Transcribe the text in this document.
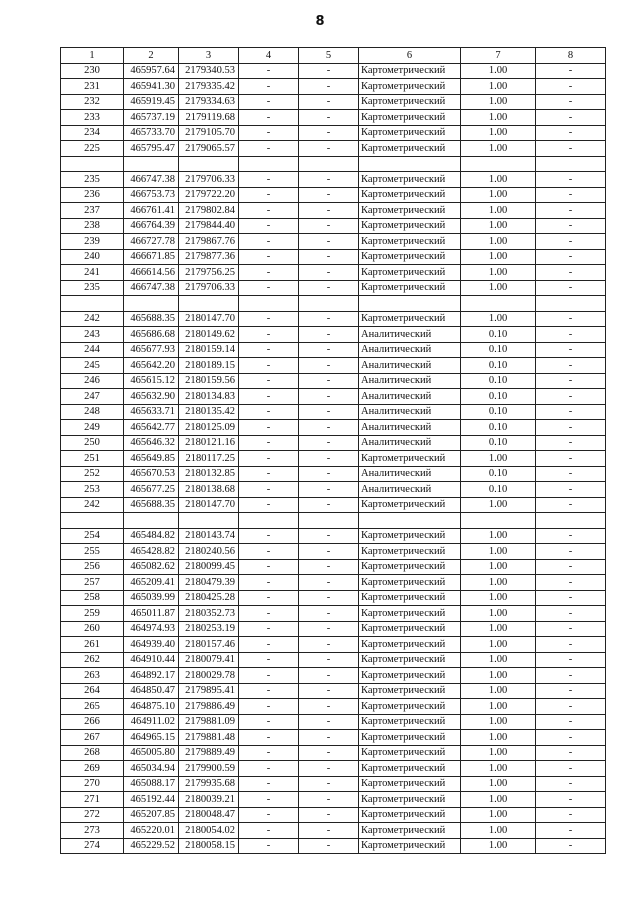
8
1	2	3	4	5	6	7	8
230	465957.64	2179340.53	-	-	Картометрический	1.00	-
231	465941.30	2179335.42	-	-	Картометрический	1.00	-
232	465919.45	2179334.63	-	-	Картометрический	1.00	-
233	465737.19	2179119.68	-	-	Картометрический	1.00	-
234	465733.70	2179105.70	-	-	Картометрический	1.00	-
225	465795.47	2179065.57	-	-	Картометрический	1.00	-

235	466747.38	2179706.33	-	-	Картометрический	1.00	-
236	466753.73	2179722.20	-	-	Картометрический	1.00	-
237	466761.41	2179802.84	-	-	Картометрический	1.00	-
238	466764.39	2179844.40	-	-	Картометрический	1.00	-
239	466727.78	2179867.76	-	-	Картометрический	1.00	-
240	466671.85	2179877.36	-	-	Картометрический	1.00	-
241	466614.56	2179756.25	-	-	Картометрический	1.00	-
235	466747.38	2179706.33	-	-	Картометрический	1.00	-

242	465688.35	2180147.70	-	-	Картометрический	1.00	-
243	465686.68	2180149.62	-	-	Аналитический	0.10	-
244	465677.93	2180159.14	-	-	Аналитический	0.10	-
245	465642.20	2180189.15	-	-	Аналитический	0.10	-
246	465615.12	2180159.56	-	-	Аналитический	0.10	-
247	465632.90	2180134.83	-	-	Аналитический	0.10	-
248	465633.71	2180135.42	-	-	Аналитический	0.10	-
249	465642.77	2180125.09	-	-	Аналитический	0.10	-
250	465646.32	2180121.16	-	-	Аналитический	0.10	-
251	465649.85	2180117.25	-	-	Картометрический	1.00	-
252	465670.53	2180132.85	-	-	Аналитический	0.10	-
253	465677.25	2180138.68	-	-	Аналитический	0.10	-
242	465688.35	2180147.70	-	-	Картометрический	1.00	-

254	465484.82	2180143.74	-	-	Картометрический	1.00	-
255	465428.82	2180240.56	-	-	Картометрический	1.00	-
256	465082.62	2180099.45	-	-	Картометрический	1.00	-
257	465209.41	2180479.39	-	-	Картометрический	1.00	-
258	465039.99	2180425.28	-	-	Картометрический	1.00	-
259	465011.87	2180352.73	-	-	Картометрический	1.00	-
260	464974.93	2180253.19	-	-	Картометрический	1.00	-
261	464939.40	2180157.46	-	-	Картометрический	1.00	-
262	464910.44	2180079.41	-	-	Картометрический	1.00	-
263	464892.17	2180029.78	-	-	Картометрический	1.00	-
264	464850.47	2179895.41	-	-	Картометрический	1.00	-
265	464875.10	2179886.49	-	-	Картометрический	1.00	-
266	464911.02	2179881.09	-	-	Картометрический	1.00	-
267	464965.15	2179881.48	-	-	Картометрический	1.00	-
268	465005.80	2179889.49	-	-	Картометрический	1.00	-
269	465034.94	2179900.59	-	-	Картометрический	1.00	-
270	465088.17	2179935.68	-	-	Картометрический	1.00	-
271	465192.44	2180039.21	-	-	Картометрический	1.00	-
272	465207.85	2180048.47	-	-	Картометрический	1.00	-
273	465220.01	2180054.02	-	-	Картометрический	1.00	-
274	465229.52	2180058.15	-	-	Картометрический	1.00	-
